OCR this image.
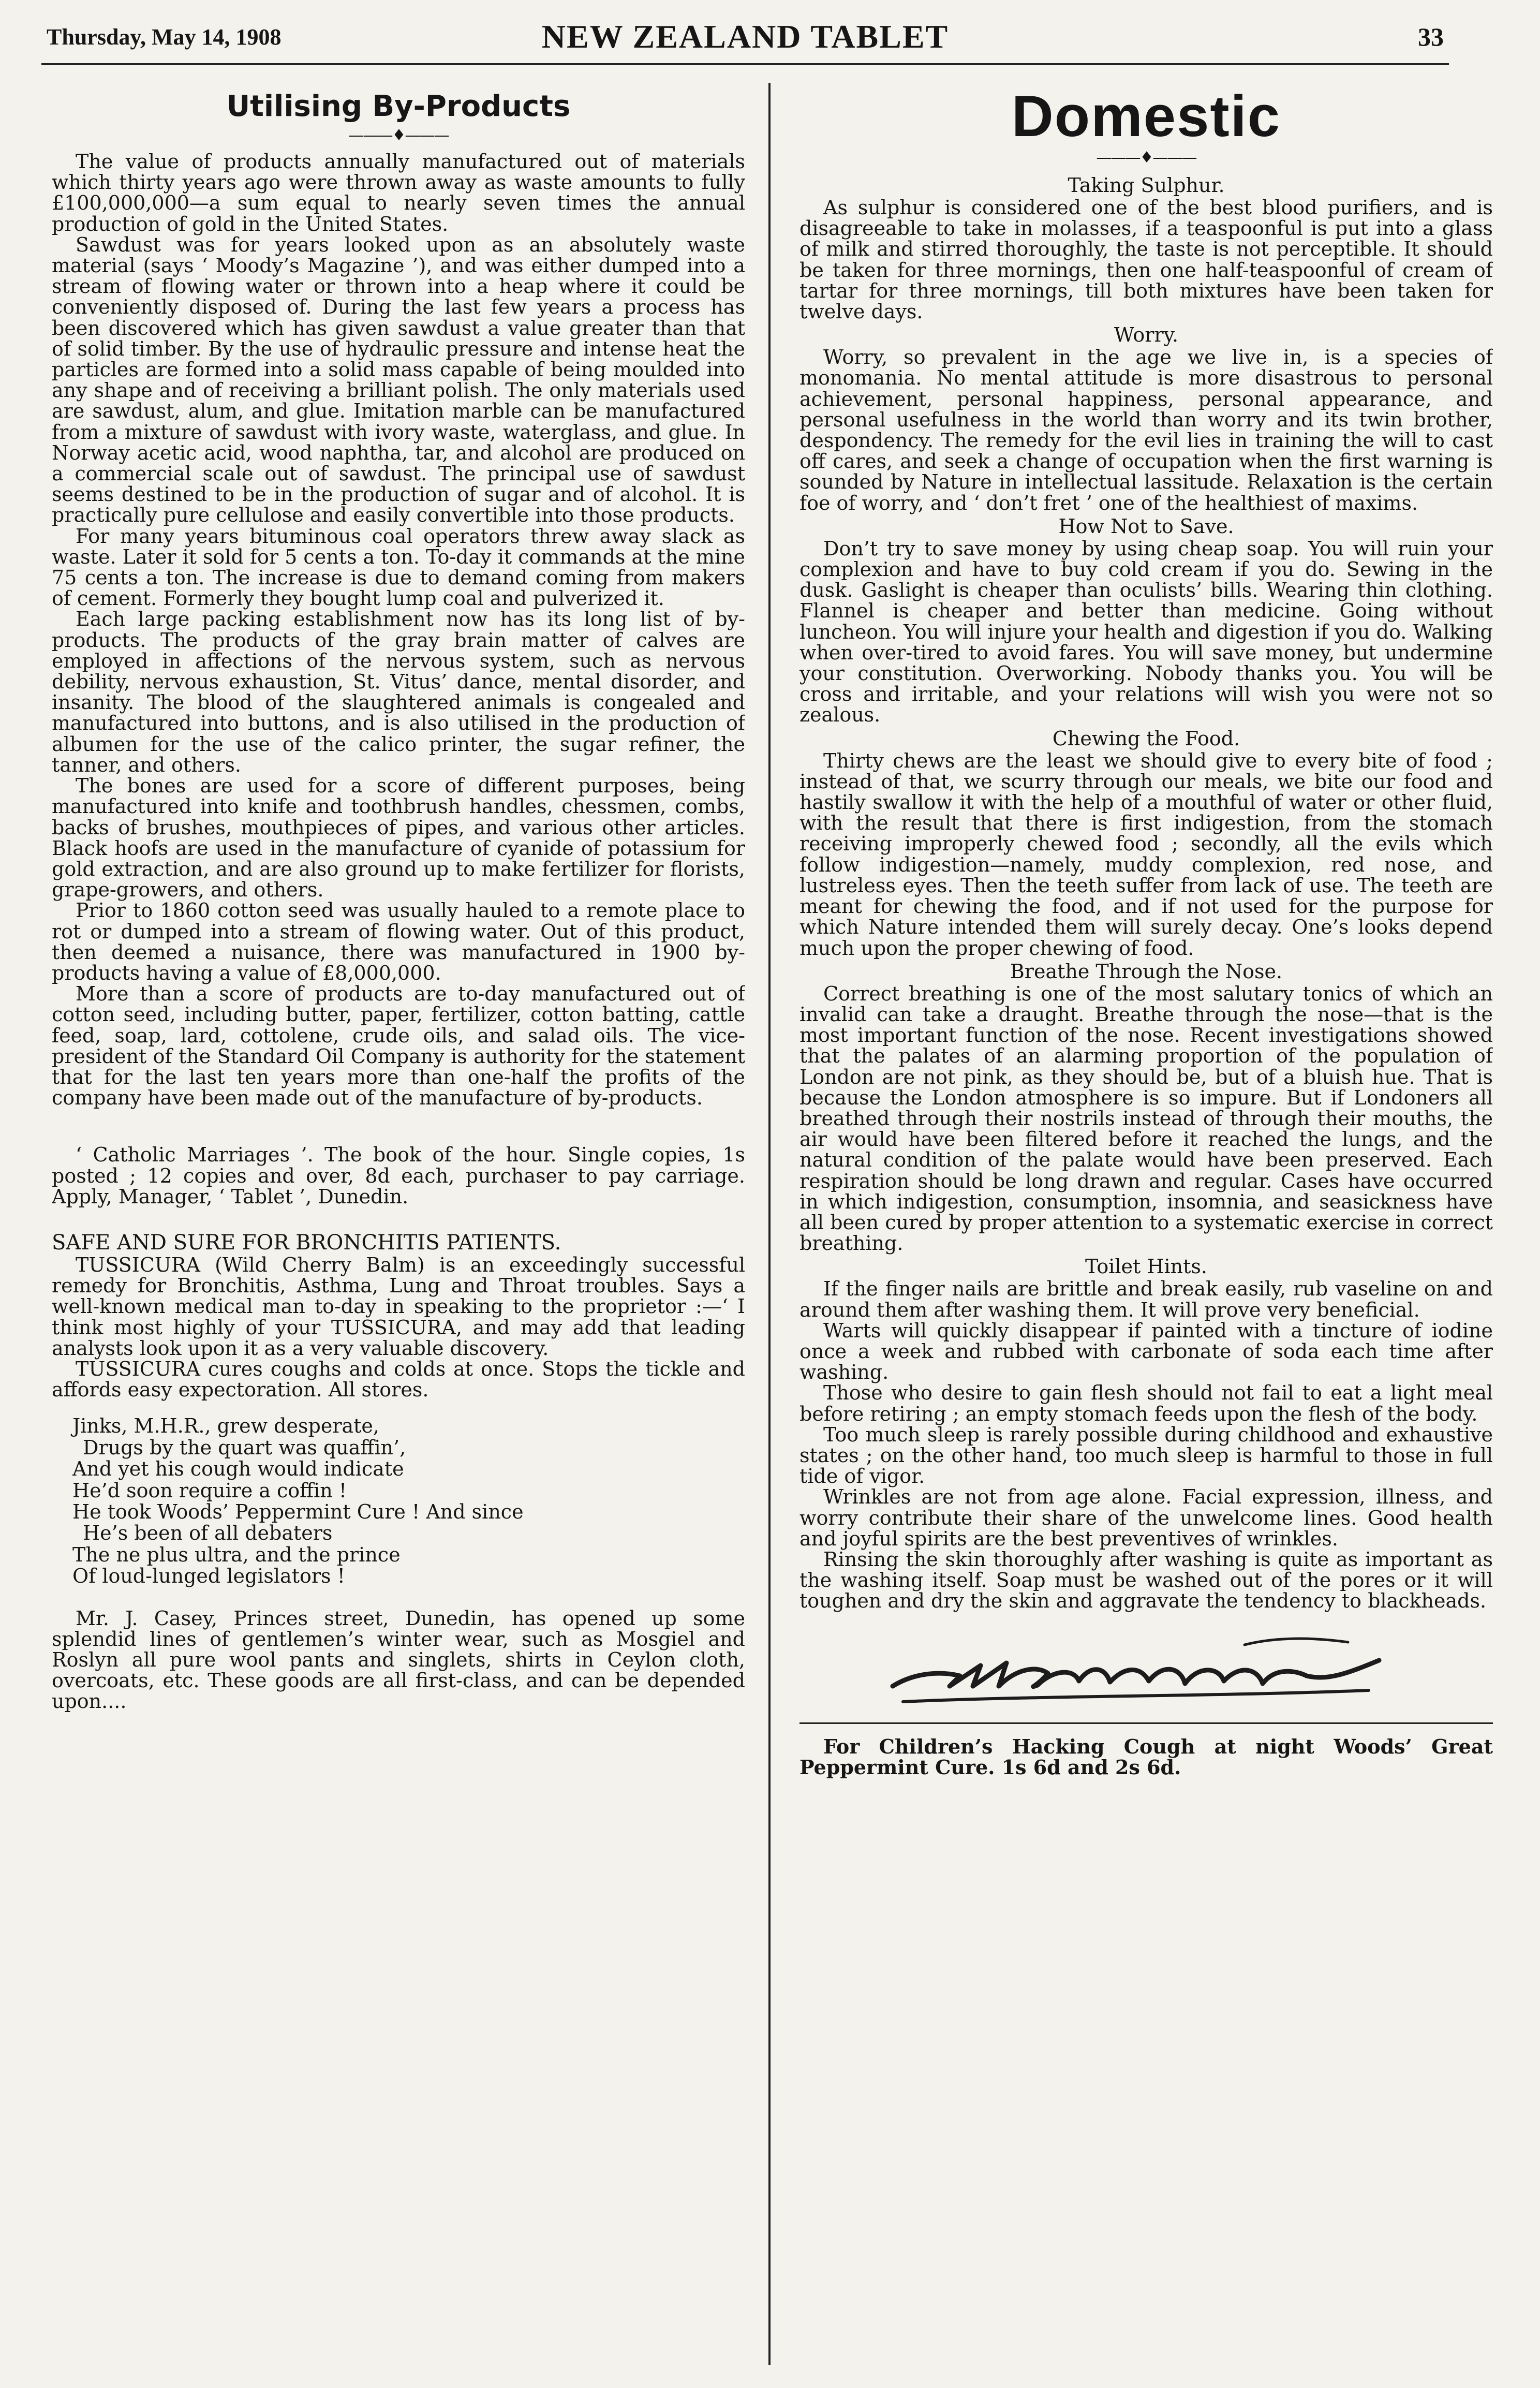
Thursday, May 14, 1908	NEW ZEALAND TABLET	33
Utilising By-Products
———♦———

The value of products annually manufactured out of materials which thirty years ago were thrown away as waste amounts to fully £100,000,000—a sum equal to nearly seven times the annual production of gold in the United States.

Sawdust was for years looked upon as an absolutely waste material (says ‘ Moody’s Magazine ’), and was either dumped into a stream of flowing water or thrown into a heap where it could be conveniently disposed of. During the last few years a process has been discovered which has given sawdust a value greater than that of solid timber. By the use of hydraulic pressure and intense heat the particles are formed into a solid mass capable of being moulded into any shape and of receiving a brilliant polish. The only materials used are sawdust, alum, and glue. Imitation marble can be manufactured from a mixture of sawdust with ivory waste, waterglass, and glue. In Norway acetic acid, wood naphtha, tar, and alcohol are produced on a commercial scale out of sawdust. The principal use of sawdust seems destined to be in the production of sugar and of alcohol. It is practically pure cellulose and easily convertible into those products.

For many years bituminous coal operators threw away slack as waste. Later it sold for 5 cents a ton. To-day it commands at the mine 75 cents a ton. The increase is due to demand coming from makers of cement. Formerly they bought lump coal and pulverized it.

Each large packing establishment now has its long list of by-products. The products of the gray brain matter of calves are employed in affections of the nervous system, such as nervous debility, nervous exhaustion, St. Vitus’ dance, mental disorder, and insanity. The blood of the slaughtered animals is congealed and manufactured into buttons, and is also utilised in the production of albumen for the use of the calico printer, the sugar refiner, the tanner, and others.

The bones are used for a score of different purposes, being manufactured into knife and toothbrush handles, chessmen, combs, backs of brushes, mouthpieces of pipes, and various other articles. Black hoofs are used in the manufacture of cyanide of potassium for gold extraction, and are also ground up to make fertilizer for florists, grape-growers, and others.

Prior to 1860 cotton seed was usually hauled to a remote place to rot or dumped into a stream of flowing water. Out of this product, then deemed a nuisance, there was manufactured in 1900 by-products having a value of £8,000,000.

More than a score of products are to-day manufactured out of cotton seed, including butter, paper, fertilizer, cotton batting, cattle feed, soap, lard, cottolene, crude oils, and salad oils. The vice-president of the Standard Oil Company is authority for the statement that for the last ten years more than one-half the profits of the company have been made out of the manufacture of by-products.

‘ Catholic Marriages ’. The book of the hour. Single copies, 1s posted ; 12 copies and over, 8d each, purchaser to pay carriage. Apply, Manager, ‘ Tablet ’, Dunedin.

SAFE AND SURE FOR BRONCHITIS PATIENTS.

TUSSICURA (Wild Cherry Balm) is an exceedingly successful remedy for Bronchitis, Asthma, Lung and Throat troubles. Says a well-known medical man to-day in speaking to the proprietor :—‘ I think most highly of your TUSSICURA, and may add that leading analysts look upon it as a very valuable discovery.

TUSSICURA cures coughs and colds at once. Stops the tickle and affords easy expectoration. All stores.

Jinks, M.H.R., grew desperate,

Drugs by the quart was quaffin’,

And yet his cough would indicate

He’d soon require a coffin !

He took Woods’ Peppermint Cure ! And since

He’s been of all debaters

The ne plus ultra, and the prince

Of loud-lunged legislators !

Mr. J. Casey, Princes street, Dunedin, has opened up some splendid lines of gentlemen’s winter wear, such as Mosgiel and Roslyn all pure wool pants and singlets, shirts in Ceylon cloth, overcoats, etc. These goods are all first-class, and can be depended upon....

Domestic
———♦———
Taking Sulphur.

As sulphur is considered one of the best blood purifiers, and is disagreeable to take in molasses, if a teaspoonful is put into a glass of milk and stirred thoroughly, the taste is not perceptible. It should be taken for three mornings, then one half-teaspoonful of cream of tartar for three mornings, till both mixtures have been taken for twelve days.

Worry.

Worry, so prevalent in the age we live in, is a species of monomania. No mental attitude is more disastrous to personal achievement, personal happiness, personal appearance, and personal usefulness in the world than worry and its twin brother, despondency. The remedy for the evil lies in training the will to cast off cares, and seek a change of occupation when the first warning is sounded by Nature in intellectual lassitude. Relaxation is the certain foe of worry, and ‘ don’t fret ’ one of the healthiest of maxims.

How Not to Save.

Don’t try to save money by using cheap soap. You will ruin your complexion and have to buy cold cream if you do. Sewing in the dusk. Gaslight is cheaper than oculists’ bills. Wearing thin clothing. Flannel is cheaper and better than medicine. Going without luncheon. You will injure your health and digestion if you do. Walking when over-tired to avoid fares. You will save money, but undermine your constitution. Overworking. Nobody thanks you. You will be cross and irritable, and your relations will wish you were not so zealous.

Chewing the Food.

Thirty chews are the least we should give to every bite of food ; instead of that, we scurry through our meals, we bite our food and hastily swallow it with the help of a mouthful of water or other fluid, with the result that there is first indigestion, from the stomach receiving improperly chewed food ; secondly, all the evils which follow indigestion—namely, muddy complexion, red nose, and lustreless eyes. Then the teeth suffer from lack of use. The teeth are meant for chewing the food, and if not used for the purpose for which Nature intended them will surely decay. One’s looks depend much upon the proper chewing of food.

Breathe Through the Nose.

Correct breathing is one of the most salutary tonics of which an invalid can take a draught. Breathe through the nose—that is the most important function of the nose. Recent investigations showed that the palates of an alarming proportion of the population of London are not pink, as they should be, but of a bluish hue. That is because the London atmosphere is so impure. But if Londoners all breathed through their nostrils instead of through their mouths, the air would have been filtered before it reached the lungs, and the natural condition of the palate would have been preserved. Each respiration should be long drawn and regular. Cases have occurred in which indigestion, consumption, insomnia, and seasickness have all been cured by proper attention to a systematic exercise in correct breathing.

Toilet Hints.

If the finger nails are brittle and break easily, rub vaseline on and around them after washing them. It will prove very beneficial.

Warts will quickly disappear if painted with a tincture of iodine once a week and rubbed with carbonate of soda each time after washing.

Those who desire to gain flesh should not fail to eat a light meal before retiring ; an empty stomach feeds upon the flesh of the body.

Too much sleep is rarely possible during childhood and exhaustive states ; on the other hand, too much sleep is harmful to those in full tide of vigor.

Wrinkles are not from age alone. Facial expression, illness, and worry contribute their share of the unwelcome lines. Good health and joyful spirits are the best preventives of wrinkles.

Rinsing the skin thoroughly after washing is quite as important as the washing itself. Soap must be washed out of the pores or it will toughen and dry the skin and aggravate the tendency to blackheads.

For Children’s Hacking Cough at night Woods’ Great Peppermint Cure. 1s 6d and 2s 6d.
